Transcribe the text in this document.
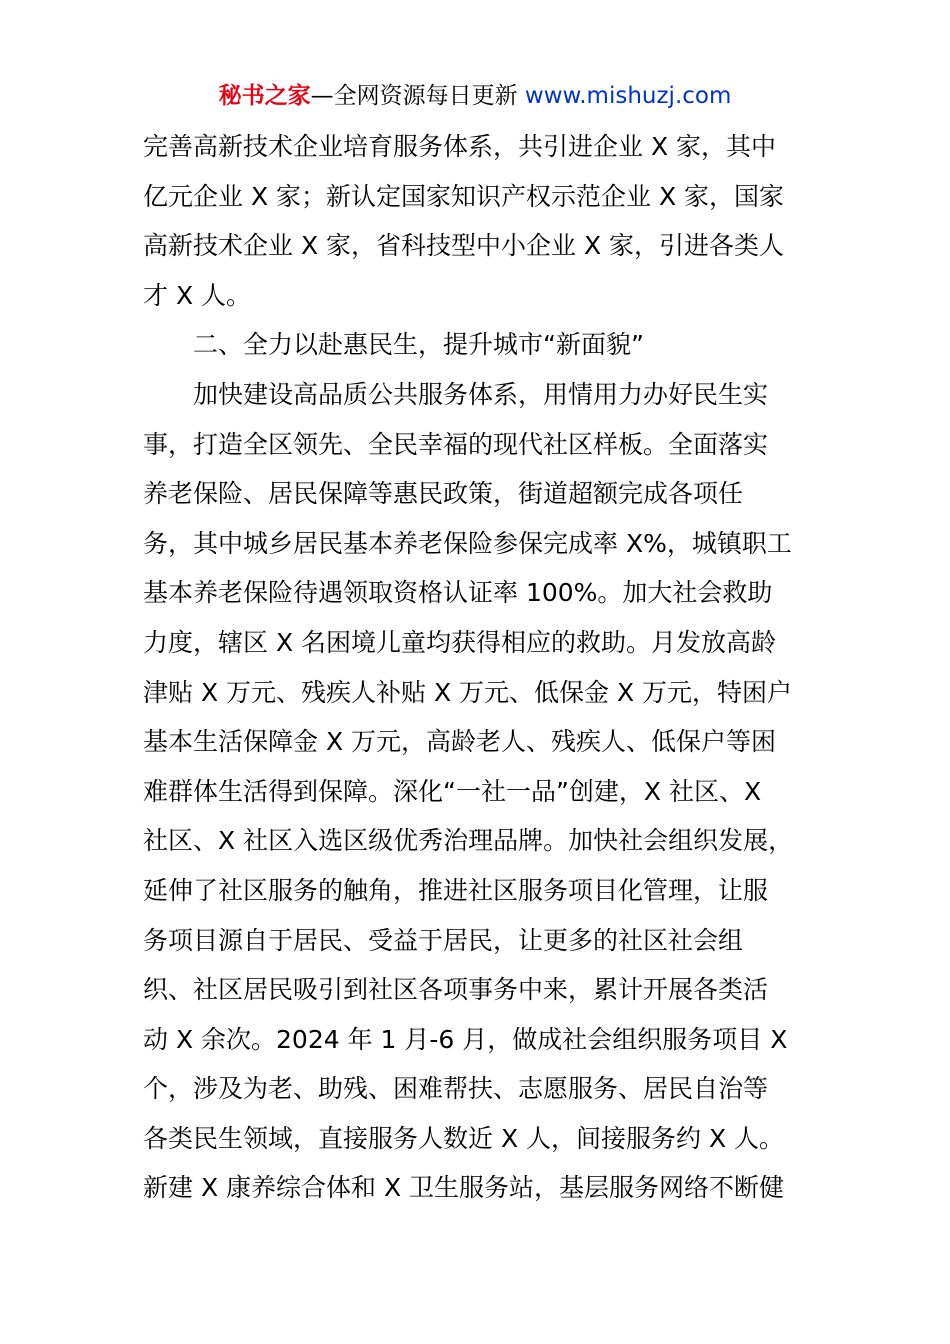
秘书之家—全网资源每日更新 www.mishuzj.com
完善高新技术企业培育服务体系，共引进企业 X 家，其中
亿元企业 X 家；新认定国家知识产权示范企业 X 家，国家
高新技术企业 X 家，省科技型中小企业 X 家，引进各类人
才 X 人。
二、全力以赴惠民生，提升城市“新面貌”
加快建设高品质公共服务体系，用情用力办好民生实
事，打造全区领先、全民幸福的现代社区样板。全面落实
养老保险、居民保障等惠民政策，街道超额完成各项任
务，其中城乡居民基本养老保险参保完成率 X%，城镇职工
基本养老保险待遇领取资格认证率 100%。加大社会救助
力度，辖区 X 名困境儿童均获得相应的救助。月发放高龄
津贴 X 万元、残疾人补贴 X 万元、低保金 X 万元，特困户
基本生活保障金 X 万元，高龄老人、残疾人、低保户等困
难群体生活得到保障。深化“一社一品”创建，X 社区、X
社区、X 社区入选区级优秀治理品牌。加快社会组织发展，
延伸了社区服务的触角，推进社区服务项目化管理，让服
务项目源自于居民、受益于居民，让更多的社区社会组
织、社区居民吸引到社区各项事务中来，累计开展各类活
动 X 余次。2024 年 1 月-6 月，做成社会组织服务项目 X
个，涉及为老、助残、困难帮扶、志愿服务、居民自治等
各类民生领域，直接服务人数近 X 人，间接服务约 X 人。
新建 X 康养综合体和 X 卫生服务站，基层服务网络不断健
